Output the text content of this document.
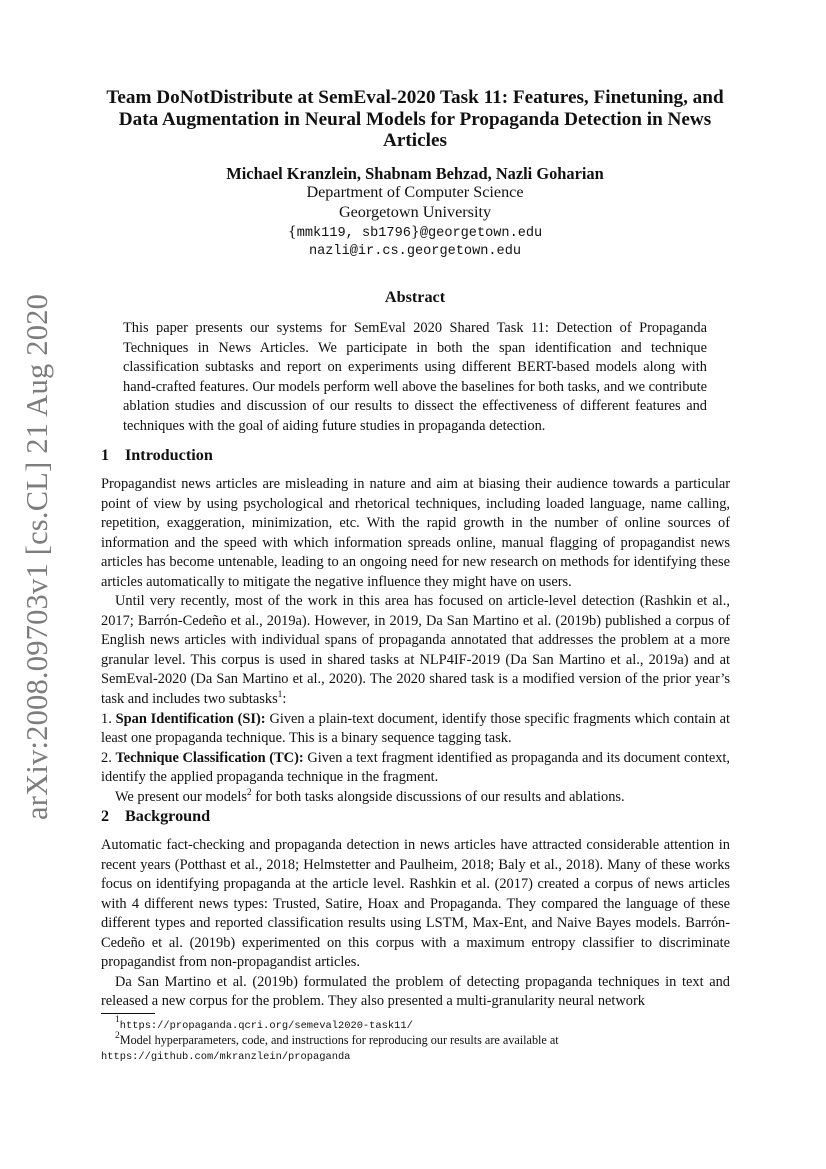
arXiv:2008.09703v1 [cs.CL] 21 Aug 2020
Team DoNotDistribute at SemEval-2020 Task 11: Features, Finetuning, and Data Augmentation in Neural Models for Propaganda Detection in News Articles
Michael Kranzlein, Shabnam Behzad, Nazli Goharian
Department of Computer Science
Georgetown University
{mmk119, sb1796}@georgetown.edu
nazli@ir.cs.georgetown.edu
Abstract

This paper presents our systems for SemEval 2020 Shared Task 11: Detection of Propaganda Techniques in News Articles. We participate in both the span identification and technique classification subtasks and report on experiments using different BERT-based models along with hand-crafted features. Our models perform well above the baselines for both tasks, and we contribute ablation studies and discussion of our results to dissect the effectiveness of different features and techniques with the goal of aiding future studies in propaganda detection.

1 Introduction

Propagandist news articles are misleading in nature and aim at biasing their audience towards a particular point of view by using psychological and rhetorical techniques, including loaded language, name calling, repetition, exaggeration, minimization, etc. With the rapid growth in the number of online sources of information and the speed with which information spreads online, manual flagging of propagandist news articles has become untenable, leading to an ongoing need for new research on methods for identifying these articles automatically to mitigate the negative influence they might have on users.

Until very recently, most of the work in this area has focused on article-level detection (Rashkin et al., 2017; Barrón-Cedeño et al., 2019a). However, in 2019, Da San Martino et al. (2019b) published a corpus of English news articles with individual spans of propaganda annotated that addresses the problem at a more granular level. This corpus is used in shared tasks at NLP4IF-2019 (Da San Martino et al., 2019a) and at SemEval-2020 (Da San Martino et al., 2020). The 2020 shared task is a modified version of the prior year’s task and includes two subtasks$^1$:

1. Span Identification (SI): Given a plain-text document, identify those specific fragments which contain at least one propaganda technique. This is a binary sequence tagging task.

2. Technique Classification (TC): Given a text fragment identified as propaganda and its document context, identify the applied propaganda technique in the fragment.

We present our models$^2$ for both tasks alongside discussions of our results and ablations.

2 Background

Automatic fact-checking and propaganda detection in news articles have attracted considerable attention in recent years (Potthast et al., 2018; Helmstetter and Paulheim, 2018; Baly et al., 2018). Many of these works focus on identifying propaganda at the article level. Rashkin et al. (2017) created a corpus of news articles with 4 different news types: Trusted, Satire, Hoax and Propaganda. They compared the language of these different types and reported classification results using LSTM, Max-Ent, and Naive Bayes models. Barrón-Cedeño et al. (2019b) experimented on this corpus with a maximum entropy classifier to discriminate propagandist from non-propagandist articles.

Da San Martino et al. (2019b) formulated the problem of detecting propaganda techniques in text and released a new corpus for the problem. They also presented a multi-granularity neural network

$^1$https://propaganda.qcri.org/semeval2020-task11/

$^2$Model hyperparameters, code, and instructions for reproducing our results are available at

https://github.com/mkranzlein/propaganda
